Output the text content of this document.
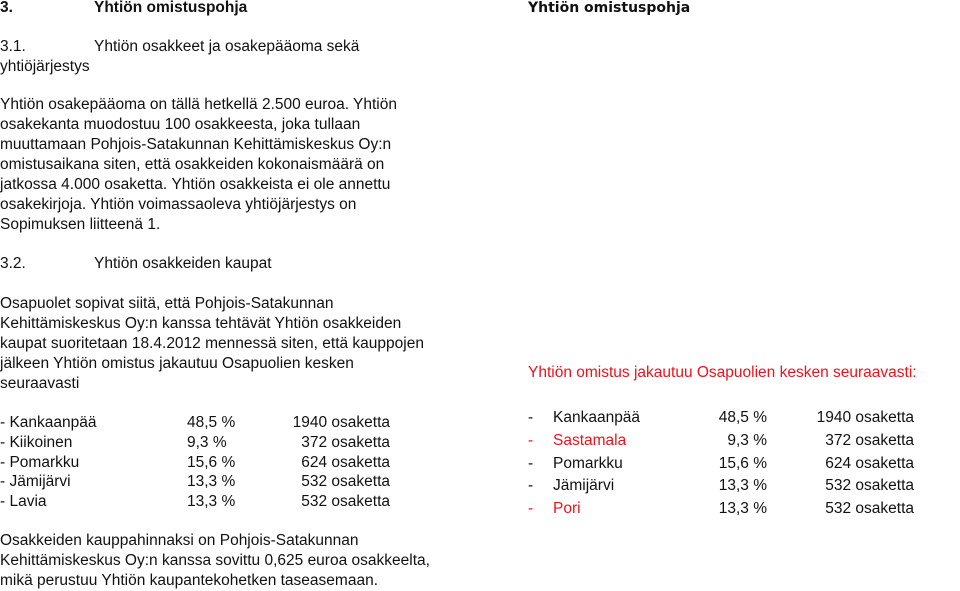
3.	Yhtiön omistuspohja
3.1.	Yhtiön osakkeet ja osakepääoma sekä
yhtiöjärjestys
Yhtiön osakepääoma on tällä hetkellä 2.500 euroa. Yhtiön
osakekanta muodostuu 100 osakkeesta, joka tullaan
muuttamaan Pohjois-Satakunnan Kehittämiskeskus Oy:n
omistusaikana siten, että osakkeiden kokonaismäärä on
jatkossa 4.000 osakettа. Yhtiön osakkeista ei ole annettu
osakekirjoja. Yhtiön voimassaoleva yhtiöjärjestys on
Sopimuksen liitteenä 1.
3.2.	Yhtiön osakkeiden kaupat
Osapuolet sopivat siitä, että Pohjois-Satakunnan
Kehittämiskeskus Oy:n kanssa tehtävät Yhtiön osakkeiden
kaupat suoritetaan 18.4.2012 mennessä siten, että kauppojen
jälkeen Yhtiön omistus jakautuu Osapuolien kesken
seuraavasti
- Kankaanpää	48,5 %	1940 osaketta
- Kiikoinen	9,3 %	372 osaketta
- Pomarkku	15,6 %	624 osaketta
- Jämijärvi	13,3 %	532 osaketta
- Lavia	13,3 %	532 osaketta
Osakkeiden kauppahinnaksi on Pohjois-Satakunnan
Kehittämiskeskus Oy:n kanssa sovittu 0,625 euroa osakkeelta,
mikä perustuu Yhtiön kaupantekohetken taseasemaan.
Yhtiön omistuspohja
Yhtiön omistus jakautuu Osapuolien kesken seuraavasti:
- Kankaanpää	48,5 %	1940 osaketta
- Sastamala	9,3 %	372 osaketta
- Pomarkku	15,6 %	624 osaketta
- Jämijärvi	13,3 %	532 osaketta
- Pori	13,3 %	532 osaketta
